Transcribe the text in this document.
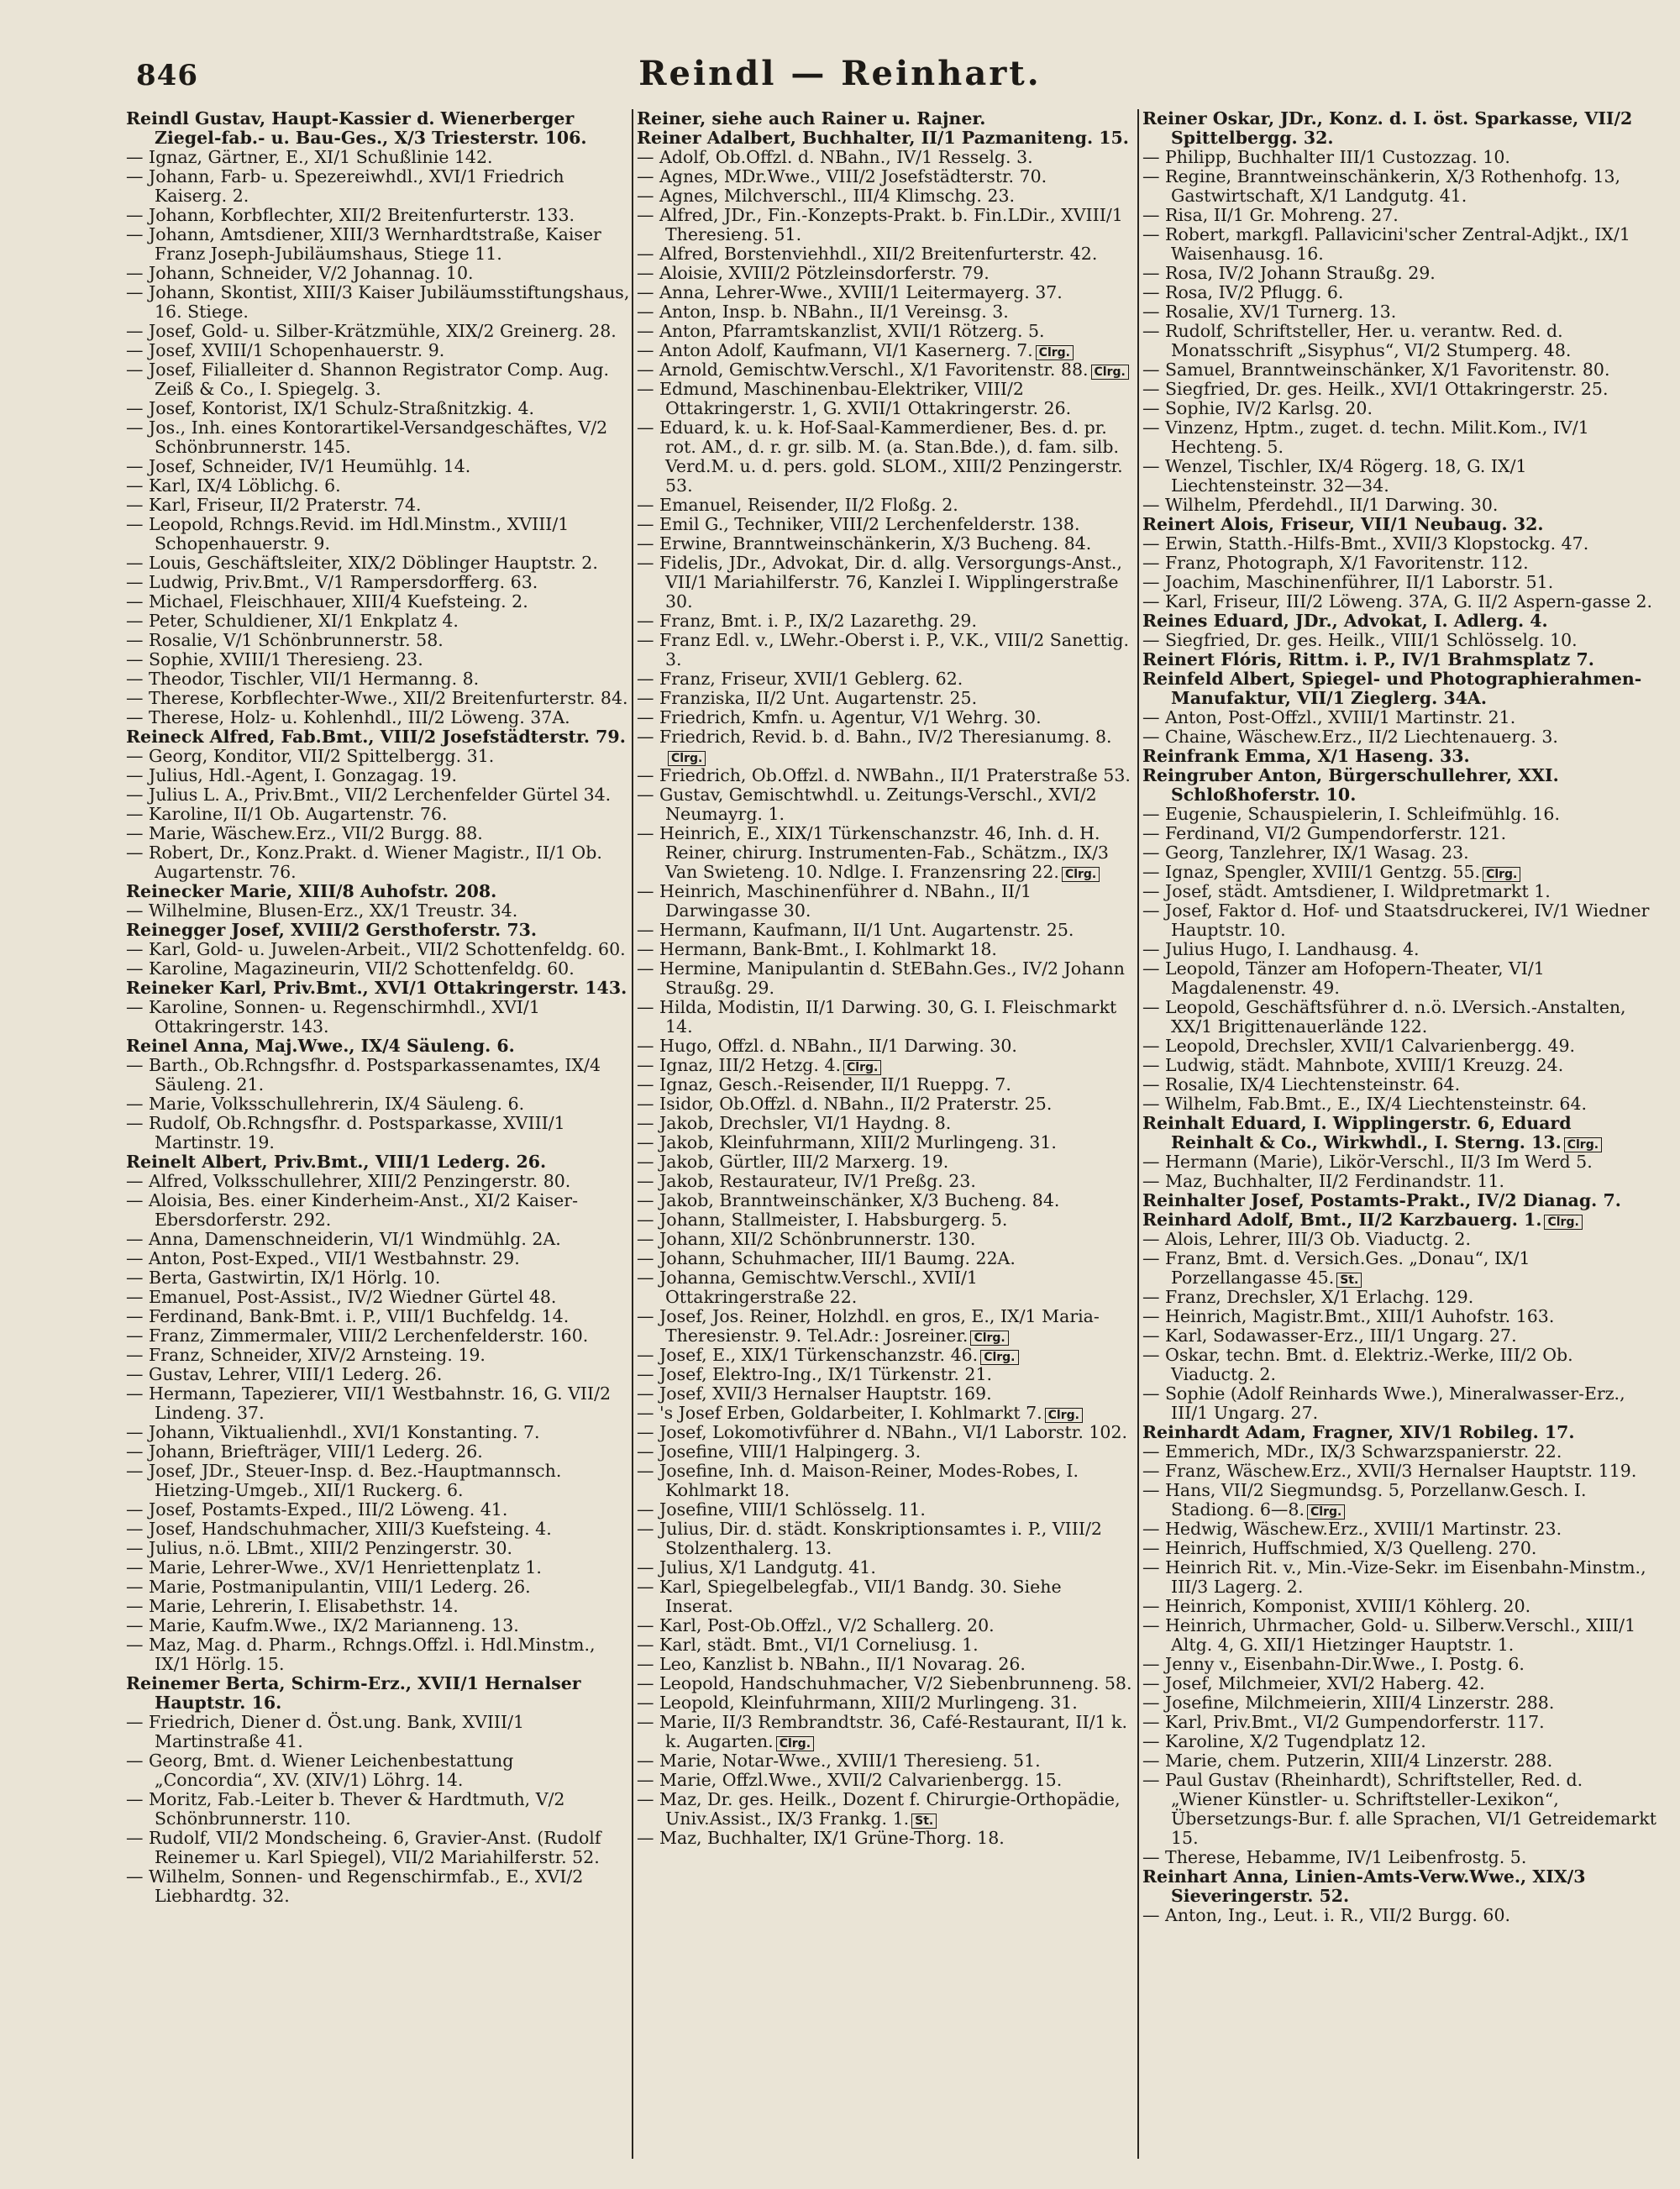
846	Reindl — Reinhart.

Reindl Gustav, Haupt-Kassier d. Wienerberger Ziegel-fab.- u. Bau-Ges., X/3 Triesterstr. 106.

— Ignaz, Gärtner, E., XI/1 Schußlinie 142.

— Johann, Farb- u. Spezereiwhdl., XVI/1 Friedrich Kaiserg. 2.

— Johann, Korbflechter, XII/2 Breitenfurterstr. 133.

— Johann, Amtsdiener, XIII/3 Wernhardtstraße, Kaiser Franz Joseph-Jubiläumshaus, Stiege 11.

— Johann, Schneider, V/2 Johannag. 10.

— Johann, Skontist, XIII/3 Kaiser Jubiläumsstiftungshaus, 16. Stiege.

— Josef, Gold- u. Silber-Krätzmühle, XIX/2 Greinerg. 28.

— Josef, XVIII/1 Schopenhauerstr. 9.

— Josef, Filialleiter d. Shannon Registrator Comp. Aug. Zeiß & Co., I. Spiegelg. 3.

— Josef, Kontorist, IX/1 Schulz-Straßnitzkig. 4.

— Jos., Inh. eines Kontorartikel-Versandgeschäftes, V/2 Schönbrunnerstr. 145.

— Josef, Schneider, IV/1 Heumühlg. 14.

— Karl, IX/4 Löblichg. 6.

— Karl, Friseur, II/2 Praterstr. 74.

— Leopold, Rchngs.Revid. im Hdl.Minstm., XVIII/1 Schopenhauerstr. 9.

— Louis, Geschäftsleiter, XIX/2 Döblinger Hauptstr. 2.

— Ludwig, Priv.Bmt., V/1 Rampersdorfferg. 63.

— Michael, Fleischhauer, XIII/4 Kuefsteing. 2.

— Peter, Schuldiener, XI/1 Enkplatz 4.

— Rosalie, V/1 Schönbrunnerstr. 58.

— Sophie, XVIII/1 Theresieng. 23.

— Theodor, Tischler, VII/1 Hermanng. 8.

— Therese, Korbflechter-Wwe., XII/2 Breitenfurterstr. 84.

— Therese, Holz- u. Kohlenhdl., III/2 Löweng. 37A.

Reineck Alfred, Fab.Bmt., VIII/2 Josefstädterstr. 79.

— Georg, Konditor, VII/2 Spittelbergg. 31.

— Julius, Hdl.-Agent, I. Gonzagag. 19.

— Julius L. A., Priv.Bmt., VII/2 Lerchenfelder Gürtel 34.

— Karoline, II/1 Ob. Augartenstr. 76.

— Marie, Wäschew.Erz., VII/2 Burgg. 88.

— Robert, Dr., Konz.Prakt. d. Wiener Magistr., II/1 Ob. Augartenstr. 76.

Reinecker Marie, XIII/8 Auhofstr. 208.

— Wilhelmine, Blusen-Erz., XX/1 Treustr. 34.

Reinegger Josef, XVIII/2 Gersthoferstr. 73.

— Karl, Gold- u. Juwelen-Arbeit., VII/2 Schottenfeldg. 60.

— Karoline, Magazineurin, VII/2 Schottenfeldg. 60.

Reineker Karl, Priv.Bmt., XVI/1 Ottakringerstr. 143.

— Karoline, Sonnen- u. Regenschirmhdl., XVI/1 Ottakringerstr. 143.

Reinel Anna, Maj.Wwe., IX/4 Säuleng. 6.

— Barth., Ob.Rchngsfhr. d. Postsparkassenamtes, IX/4 Säuleng. 21.

— Marie, Volksschullehrerin, IX/4 Säuleng. 6.

— Rudolf, Ob.Rchngsfhr. d. Postsparkasse, XVIII/1 Martinstr. 19.

Reinelt Albert, Priv.Bmt., VIII/1 Lederg. 26.

— Alfred, Volksschullehrer, XIII/2 Penzingerstr. 80.

— Aloisia, Bes. einer Kinderheim-Anst., XI/2 Kaiser-Ebersdorferstr. 292.

— Anna, Damenschneiderin, VI/1 Windmühlg. 2A.

— Anton, Post-Exped., VII/1 Westbahnstr. 29.

— Berta, Gastwirtin, IX/1 Hörlg. 10.

— Emanuel, Post-Assist., IV/2 Wiedner Gürtel 48.

— Ferdinand, Bank-Bmt. i. P., VIII/1 Buchfeldg. 14.

— Franz, Zimmermaler, VIII/2 Lerchenfelderstr. 160.

— Franz, Schneider, XIV/2 Arnsteing. 19.

— Gustav, Lehrer, VIII/1 Lederg. 26.

— Hermann, Tapezierer, VII/1 Westbahnstr. 16, G. VII/2 Lindeng. 37.

— Johann, Viktualienhdl., XVI/1 Konstanting. 7.

— Johann, Briefträger, VIII/1 Lederg. 26.

— Josef, JDr., Steuer-Insp. d. Bez.-Hauptmannsch. Hietzing-Umgeb., XII/1 Ruckerg. 6.

— Josef, Postamts-Exped., III/2 Löweng. 41.

— Josef, Handschuhmacher, XIII/3 Kuefsteing. 4.

— Julius, n.ö. LBmt., XIII/2 Penzingerstr. 30.

— Marie, Lehrer-Wwe., XV/1 Henriettenplatz 1.

— Marie, Postmanipulantin, VIII/1 Lederg. 26.

— Marie, Lehrerin, I. Elisabethstr. 14.

— Marie, Kaufm.Wwe., IX/2 Marianneng. 13.

— Maz, Mag. d. Pharm., Rchngs.Offzl. i. Hdl.Minstm., IX/1 Hörlg. 15.

Reinemer Berta, Schirm-Erz., XVII/1 Hernalser Hauptstr. 16.

— Friedrich, Diener d. Öst.ung. Bank, XVIII/1 Martinstraße 41.

— Georg, Bmt. d. Wiener Leichenbestattung „Concordia“, XV. (XIV/1) Löhrg. 14.

— Moritz, Fab.-Leiter b. Thever & Hardtmuth, V/2 Schönbrunnerstr. 110.

— Rudolf, VII/2 Mondscheing. 6, Gravier-Anst. (Rudolf Reinemer u. Karl Spiegel), VII/2 Mariahilferstr. 52.

— Wilhelm, Sonnen- und Regenschirmfab., E., XVI/2 Liebhardtg. 32.

Reiner, siehe auch Rainer u. Rajner.

Reiner Adalbert, Buchhalter, II/1 Pazmaniteng. 15.

— Adolf, Ob.Offzl. d. NBahn., IV/1 Resselg. 3.

— Agnes, MDr.Wwe., VIII/2 Josefstädterstr. 70.

— Agnes, Milchverschl., III/4 Klimschg. 23.

— Alfred, JDr., Fin.-Konzepts-Prakt. b. Fin.LDir., XVIII/1 Theresieng. 51.

— Alfred, Borstenviehhdl., XII/2 Breitenfurterstr. 42.

— Aloisie, XVIII/2 Pötzleinsdorferstr. 79.

— Anna, Lehrer-Wwe., XVIII/1 Leitermayerg. 37.

— Anton, Insp. b. NBahn., II/1 Vereinsg. 3.

— Anton, Pfarramtskanzlist, XVII/1 Rötzerg. 5.

— Anton Adolf, Kaufmann, VI/1 Kasernerg. 7. Clrg.

— Arnold, Gemischtw.Verschl., X/1 Favoritenstr. 88. Clrg.

— Edmund, Maschinenbau-Elektriker, VIII/2 Ottakringerstr. 1, G. XVII/1 Ottakringerstr. 26.

— Eduard, k. u. k. Hof-Saal-Kammerdiener, Bes. d. pr. rot. AM., d. r. gr. silb. M. (a. Stan.Bde.), d. fam. silb. Verd.M. u. d. pers. gold. SLOM., XIII/2 Penzingerstr. 53.

— Emanuel, Reisender, II/2 Floßg. 2.

— Emil G., Techniker, VIII/2 Lerchenfelderstr. 138.

— Erwine, Branntweinschänkerin, X/3 Bucheng. 84.

— Fidelis, JDr., Advokat, Dir. d. allg. Versorgungs-Anst., VII/1 Mariahilferstr. 76, Kanzlei I. Wipplingerstraße 30.

— Franz, Bmt. i. P., IX/2 Lazarethg. 29.

— Franz Edl. v., LWehr.-Oberst i. P., V.K., VIII/2 Sanettig. 3.

— Franz, Friseur, XVII/1 Geblerg. 62.

— Franziska, II/2 Unt. Augartenstr. 25.

— Friedrich, Kmfn. u. Agentur, V/1 Wehrg. 30.

— Friedrich, Revid. b. d. Bahn., IV/2 Theresianumg. 8.Clrg.

— Friedrich, Ob.Offzl. d. NWBahn., II/1 Praterstraße 53.

— Gustav, Gemischtwhdl. u. Zeitungs-Verschl., XVI/2 Neumayrg. 1.

— Heinrich, E., XIX/1 Türkenschanzstr. 46, Inh. d. H. Reiner, chirurg. Instrumenten-Fab., Schätzm., IX/3 Van Swieteng. 10. Ndlge. I. Franzensring 22. Clrg.

— Heinrich, Maschinenführer d. NBahn., II/1 Darwingasse 30.

— Hermann, Kaufmann, II/1 Unt. Augartenstr. 25.

— Hermann, Bank-Bmt., I. Kohlmarkt 18.

— Hermine, Manipulantin d. StEBahn.Ges., IV/2 Johann Straußg. 29.

— Hilda, Modistin, II/1 Darwing. 30, G. I. Fleischmarkt 14.

— Hugo, Offzl. d. NBahn., II/1 Darwing. 30.

— Ignaz, III/2 Hetzg. 4. Clrg.

— Ignaz, Gesch.-Reisender, II/1 Rueppg. 7.

— Isidor, Ob.Offzl. d. NBahn., II/2 Praterstr. 25.

— Jakob, Drechsler, VI/1 Haydng. 8.

— Jakob, Kleinfuhrmann, XIII/2 Murlingeng. 31.

— Jakob, Gürtler, III/2 Marxerg. 19.

— Jakob, Restaurateur, IV/1 Preßg. 23.

— Jakob, Branntweinschänker, X/3 Bucheng. 84.

— Johann, Stallmeister, I. Habsburgerg. 5.

— Johann, XII/2 Schönbrunnerstr. 130.

— Johann, Schuhmacher, III/1 Baumg. 22A.

— Johanna, Gemischtw.Verschl., XVII/1 Ottakringerstraße 22.

— Josef, Jos. Reiner, Holzhdl. en gros, E., IX/1 Maria-Theresienstr. 9. Tel.Adr.: Josreiner. Clrg.

— Josef, E., XIX/1 Türkenschanzstr. 46. Clrg.

— Josef, Elektro-Ing., IX/1 Türkenstr. 21.

— Josef, XVII/3 Hernalser Hauptstr. 169.

— 's Josef Erben, Goldarbeiter, I. Kohlmarkt 7. Clrg.

— Josef, Lokomotivführer d. NBahn., VI/1 Laborstr. 102.

— Josefine, VIII/1 Halpingerg. 3.

— Josefine, Inh. d. Maison-Reiner, Modes-Robes, I. Kohlmarkt 18.

— Josefine, VIII/1 Schlösselg. 11.

— Julius, Dir. d. städt. Konskriptionsamtes i. P., VIII/2 Stolzenthalerg. 13.

— Julius, X/1 Landgutg. 41.

— Karl, Spiegelbelegfab., VII/1 Bandg. 30. Siehe Inserat.

— Karl, Post-Ob.Offzl., V/2 Schallerg. 20.

— Karl, städt. Bmt., VI/1 Corneliusg. 1.

— Leo, Kanzlist b. NBahn., II/1 Novarag. 26.

— Leopold, Handschuhmacher, V/2 Siebenbrunneng. 58.

— Leopold, Kleinfuhrmann, XIII/2 Murlingeng. 31.

— Marie, II/3 Rembrandtstr. 36, Café-Restaurant, II/1 k. k. Augarten. Clrg.

— Marie, Notar-Wwe., XVIII/1 Theresieng. 51.

— Marie, Offzl.Wwe., XVII/2 Calvarienbergg. 15.

— Maz, Dr. ges. Heilk., Dozent f. Chirurgie-Orthopädie, Univ.Assist., IX/3 Frankg. 1. St.

— Maz, Buchhalter, IX/1 Grüne-Thorg. 18.

Reiner Oskar, JDr., Konz. d. I. öst. Sparkasse, VII/2 Spittelbergg. 32.

— Philipp, Buchhalter III/1 Custozzag. 10.

— Regine, Branntweinschänkerin, X/3 Rothenhofg. 13, Gastwirtschaft, X/1 Landgutg. 41.

— Risa, II/1 Gr. Mohreng. 27.

— Robert, markgfl. Pallavicini'scher Zentral-Adjkt., IX/1 Waisenhausg. 16.

— Rosa, IV/2 Johann Straußg. 29.

— Rosa, IV/2 Pflugg. 6.

— Rosalie, XV/1 Turnerg. 13.

— Rudolf, Schriftsteller, Her. u. verantw. Red. d. Monatsschrift „Sisyphus“, VI/2 Stumperg. 48.

— Samuel, Branntweinschänker, X/1 Favoritenstr. 80.

— Siegfried, Dr. ges. Heilk., XVI/1 Ottakringerstr. 25.

— Sophie, IV/2 Karlsg. 20.

— Vinzenz, Hptm., zuget. d. techn. Milit.Kom., IV/1 Hechteng. 5.

— Wenzel, Tischler, IX/4 Rögerg. 18, G. IX/1 Liechtensteinstr. 32—34.

— Wilhelm, Pferdehdl., II/1 Darwing. 30.

Reinert Alois, Friseur, VII/1 Neubaug. 32.

— Erwin, Statth.-Hilfs-Bmt., XVII/3 Klopstockg. 47.

— Franz, Photograph, X/1 Favoritenstr. 112.

— Joachim, Maschinenführer, II/1 Laborstr. 51.

— Karl, Friseur, III/2 Löweng. 37A, G. II/2 Aspern-gasse 2.

Reines Eduard, JDr., Advokat, I. Adlerg. 4.

— Siegfried, Dr. ges. Heilk., VIII/1 Schlösselg. 10.

Reinert Flóris, Rittm. i. P., IV/1 Brahmsplatz 7.

Reinfeld Albert, Spiegel- und Photographierahmen-Manufaktur, VII/1 Zieglerg. 34A.

— Anton, Post-Offzl., XVIII/1 Martinstr. 21.

— Chaine, Wäschew.Erz., II/2 Liechtenauerg. 3.

Reinfrank Emma, X/1 Haseng. 33.

Reingruber Anton, Bürgerschullehrer, XXI. Schloßhoferstr. 10.

— Eugenie, Schauspielerin, I. Schleifmühlg. 16.

— Ferdinand, VI/2 Gumpendorferstr. 121.

— Georg, Tanzlehrer, IX/1 Wasag. 23.

— Ignaz, Spengler, XVIII/1 Gentzg. 55. Clrg.

— Josef, städt. Amtsdiener, I. Wildpretmarkt 1.

— Josef, Faktor d. Hof- und Staatsdruckerei, IV/1 Wiedner Hauptstr. 10.

— Julius Hugo, I. Landhausg. 4.

— Leopold, Tänzer am Hofopern-Theater, VI/1 Magdalenenstr. 49.

— Leopold, Geschäftsführer d. n.ö. LVersich.-Anstalten, XX/1 Brigittenauerlände 122.

— Leopold, Drechsler, XVII/1 Calvarienbergg. 49.

— Ludwig, städt. Mahnbote, XVIII/1 Kreuzg. 24.

— Rosalie, IX/4 Liechtensteinstr. 64.

— Wilhelm, Fab.Bmt., E., IX/4 Liechtensteinstr. 64.

Reinhalt Eduard, I. Wipplingerstr. 6, Eduard Reinhalt & Co., Wirkwhdl., I. Sterng. 13. Clrg.

— Hermann (Marie), Likör-Verschl., II/3 Im Werd 5.

— Maz, Buchhalter, II/2 Ferdinandstr. 11.

Reinhalter Josef, Postamts-Prakt., IV/2 Dianag. 7.

Reinhard Adolf, Bmt., II/2 Karzbauerg. 1. Clrg.

— Alois, Lehrer, III/3 Ob. Viaductg. 2.

— Franz, Bmt. d. Versich.Ges. „Donau“, IX/1 Porzellangasse 45. St.

— Franz, Drechsler, X/1 Erlachg. 129.

— Heinrich, Magistr.Bmt., XIII/1 Auhofstr. 163.

— Karl, Sodawasser-Erz., III/1 Ungarg. 27.

— Oskar, techn. Bmt. d. Elektriz.-Werke, III/2 Ob. Viaductg. 2.

— Sophie (Adolf Reinhards Wwe.), Mineralwasser-Erz., III/1 Ungarg. 27.

Reinhardt Adam, Fragner, XIV/1 Robileg. 17.

— Emmerich, MDr., IX/3 Schwarzspanierstr. 22.

— Franz, Wäschew.Erz., XVII/3 Hernalser Hauptstr. 119.

— Hans, VII/2 Siegmundsg. 5, Porzellanw.Gesch. I. Stadiong. 6—8. Clrg.

— Hedwig, Wäschew.Erz., XVIII/1 Martinstr. 23.

— Heinrich, Huffschmied, X/3 Quelleng. 270.

— Heinrich Rit. v., Min.-Vize-Sekr. im Eisenbahn-Minstm., III/3 Lagerg. 2.

— Heinrich, Komponist, XVIII/1 Köhlerg. 20.

— Heinrich, Uhrmacher, Gold- u. Silberw.Verschl., XIII/1 Altg. 4, G. XII/1 Hietzinger Hauptstr. 1.

— Jenny v., Eisenbahn-Dir.Wwe., I. Postg. 6.

— Josef, Milchmeier, XVI/2 Haberg. 42.

— Josefine, Milchmeierin, XIII/4 Linzerstr. 288.

— Karl, Priv.Bmt., VI/2 Gumpendorferstr. 117.

— Karoline, X/2 Tugendplatz 12.

— Marie, chem. Putzerin, XIII/4 Linzerstr. 288.

— Paul Gustav (Rheinhardt), Schriftsteller, Red. d. „Wiener Künstler- u. Schriftsteller-Lexikon“, Übersetzungs-Bur. f. alle Sprachen, VI/1 Getreidemarkt 15.

— Therese, Hebamme, IV/1 Leibenfrostg. 5.

Reinhart Anna, Linien-Amts-Verw.Wwe., XIX/3 Sieveringerstr. 52.

— Anton, Ing., Leut. i. R., VII/2 Burgg. 60.
